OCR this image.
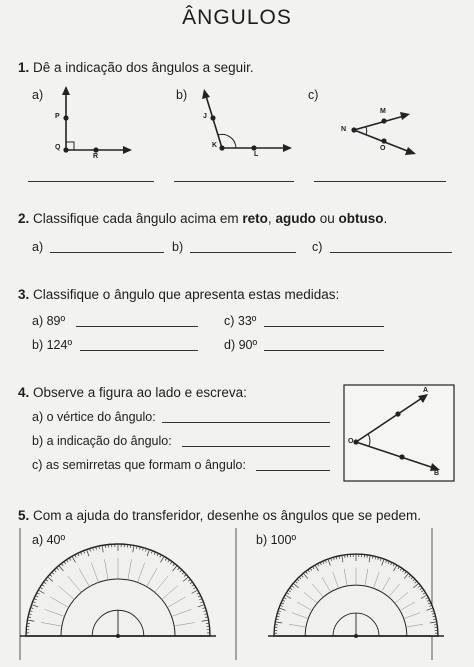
ÂNGULOS
1. Dê a indicação dos ângulos a seguir.
a)	b)	c)
P
Q
R
J
K
L
M
N
O
2. Classifique cada ângulo acima em reto, agudo ou obtuso.
a)	b)	c)
3. Classifique o ângulo que apresenta estas medidas:
a) 89º	c) 33º
b) 124º	d) 90º
4. Observe a figura ao lado e escreva:
a) o vértice do ângulo:
b) a indicação do ângulo:
c) as semirretas que formam o ângulo:
A
O
B
5. Com a ajuda do transferidor, desenhe os ângulos que se pedem.
a) 40º	b) 100º
